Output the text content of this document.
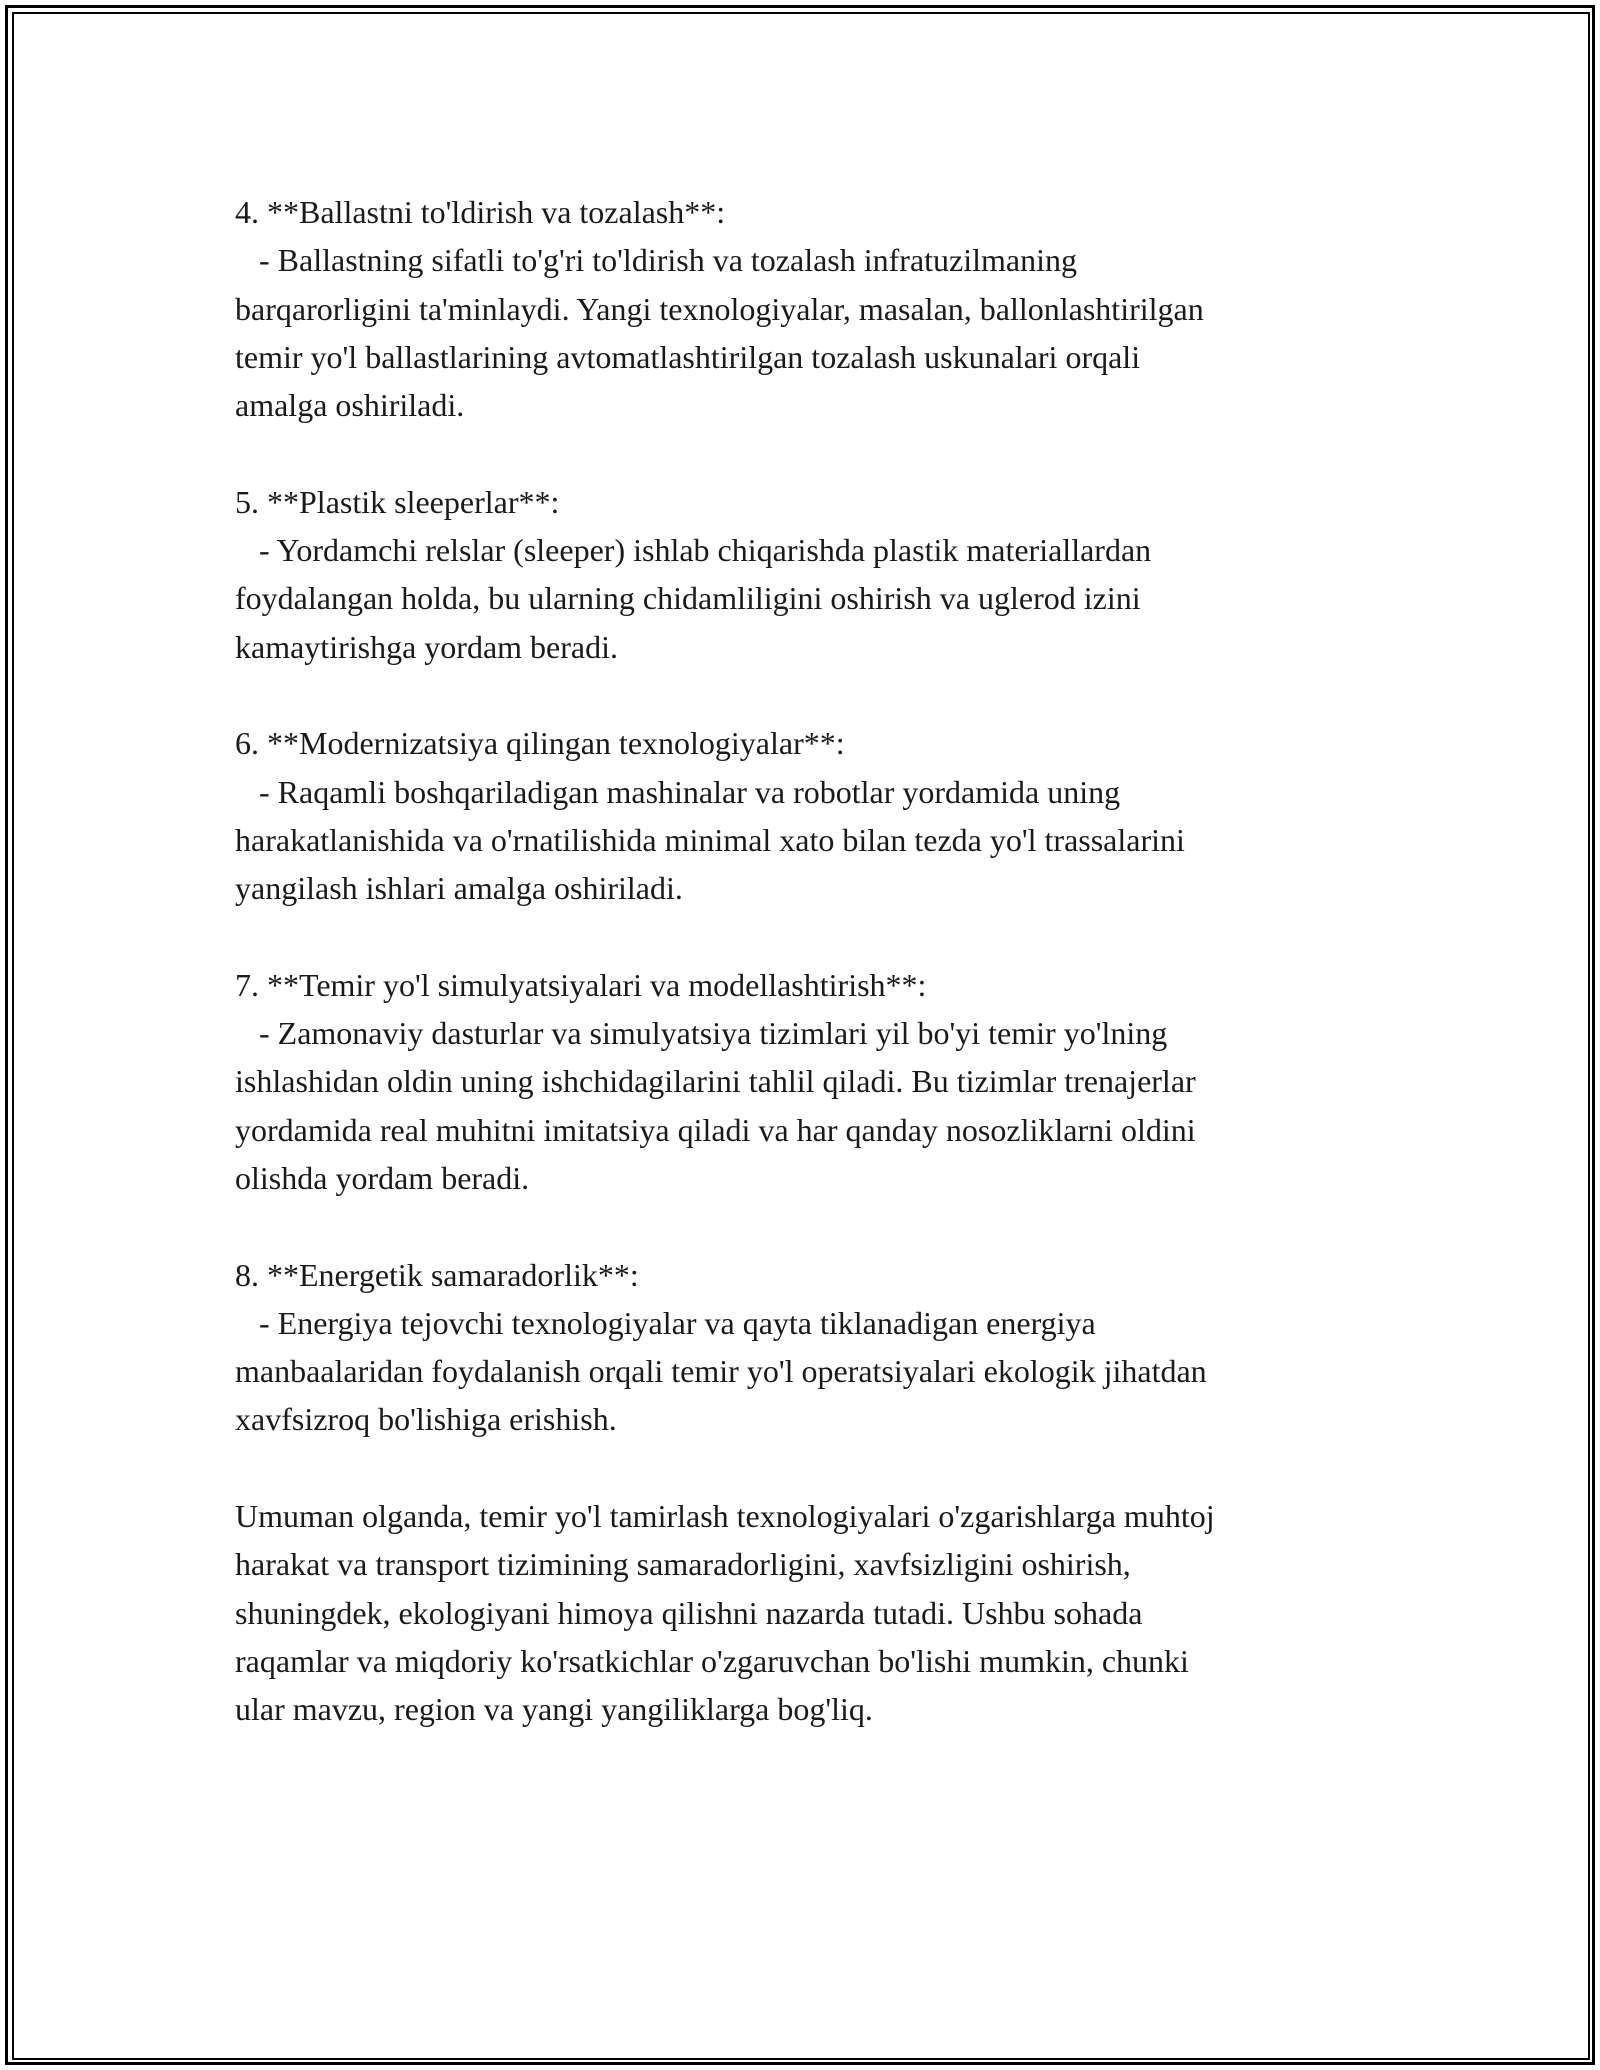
4. **Ballastni to'ldirish va tozalash**:
- Ballastning sifatli to'g'ri to'ldirish va tozalash infratuzilmaning
barqarorligini ta'minlaydi. Yangi texnologiyalar, masalan, ballonlashtirilgan
temir yo'l ballastlarining avtomatlashtirilgan tozalash uskunalari orqali
amalga oshiriladi.
5. **Plastik sleeperlar**:
- Yordamchi relslar (sleeper) ishlab chiqarishda plastik materiallardan
foydalangan holda, bu ularning chidamliligini oshirish va uglerod izini
kamaytirishga yordam beradi.
6. **Modernizatsiya qilingan texnologiyalar**:
- Raqamli boshqariladigan mashinalar va robotlar yordamida uning
harakatlanishida va o'rnatilishida minimal xato bilan tezda yo'l trassalarini
yangilash ishlari amalga oshiriladi.
7. **Temir yo'l simulyatsiyalari va modellashtirish**:
- Zamonaviy dasturlar va simulyatsiya tizimlari yil bo'yi temir yo'lning
ishlashidan oldin uning ishchidagilarini tahlil qiladi. Bu tizimlar trenajerlar
yordamida real muhitni imitatsiya qiladi va har qanday nosozliklarni oldini
olishda yordam beradi.
8. **Energetik samaradorlik**:
- Energiya tejovchi texnologiyalar va qayta tiklanadigan energiya
manbaalaridan foydalanish orqali temir yo'l operatsiyalari ekologik jihatdan
xavfsizroq bo'lishiga erishish.
Umuman olganda, temir yo'l tamirlash texnologiyalari o'zgarishlarga muhtoj
harakat va transport tizimining samaradorligini, xavfsizligini oshirish,
shuningdek, ekologiyani himoya qilishni nazarda tutadi. Ushbu sohada
raqamlar va miqdoriy ko'rsatkichlar o'zgaruvchan bo'lishi mumkin, chunki
ular mavzu, region va yangi yangiliklarga bog'liq.
